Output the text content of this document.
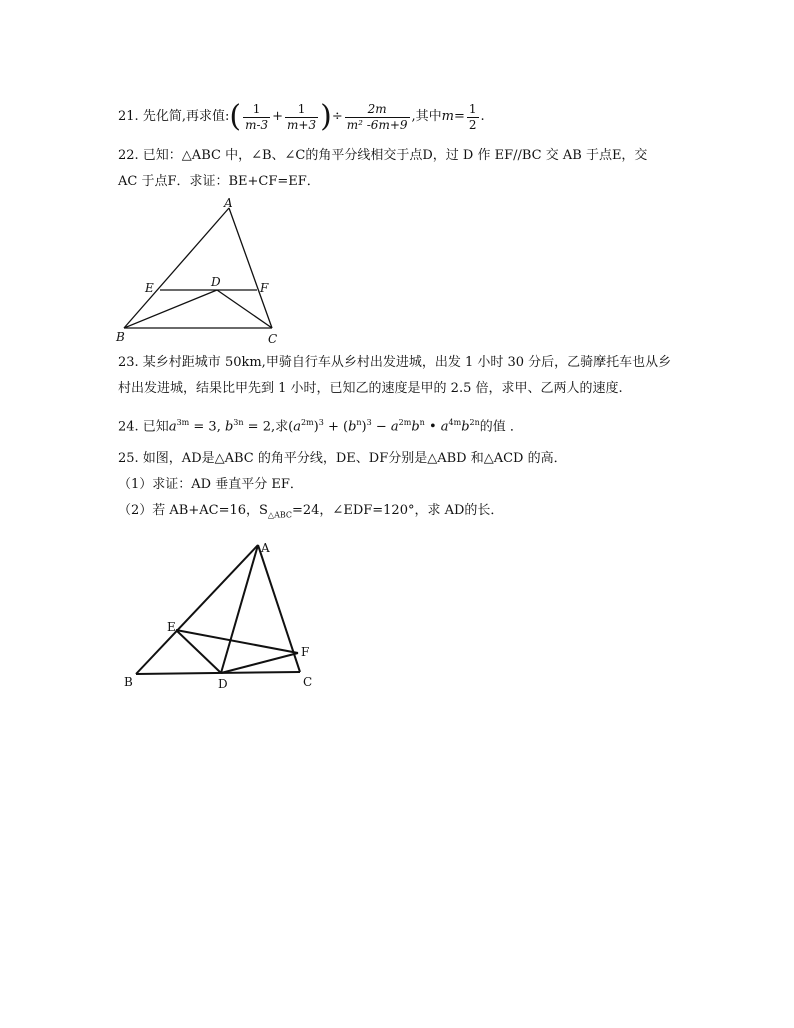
21.
先化简,再求值: ( $\frac{1}{m-3} + \frac{1}{m+3}$ ) ÷ $\frac{2m}{\text{m² -6m+9}}$ ,其中 $m= \frac{1}{2}$ .
22. 已知：△ABC 中，∠B、∠C的角平分线相交于点D，过 D 作 EF//BC 交 AB 于点E，交
AC 于点F．求证：BE+CF=EF．
A
E	D	F
B	C
23. 某乡村距城市 50km,甲骑自行车从乡村出发进城，出发 1 小时 30 分后，乙骑摩托车也从乡
村出发进城，结果比甲先到 1 小时，已知乙的速度是甲的 2.5 倍，求甲、乙两人的速度.
24. 已知$a^{3m} = 3$, $b^{3n} = 2$,求$(a^{2m})^3 + (b^n)^3 - a^{2m}b^n$ • $a^{4m}b^{2n}$的值 ．
25. 如图，AD是△ABC 的角平分线，DE、DF分别是△ABD 和△ACD 的高．
（1）求证：AD 垂直平分 EF．
（2）若 AB+AC=16，$S_{\triangle ABC}=24$，∠EDF=120°，求 AD的长．
A
E
F
B	D	C
